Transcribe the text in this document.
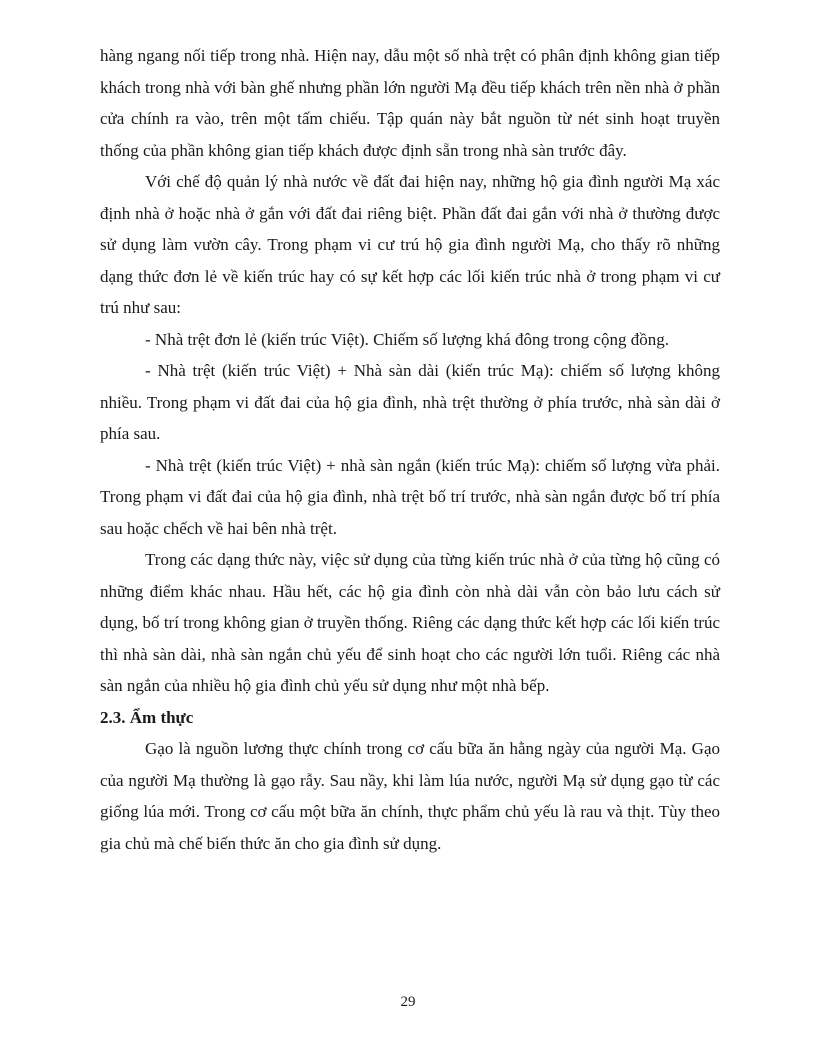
hàng ngang nối tiếp trong nhà. Hiện nay, dẫu một số nhà trệt có phân định không gian tiếp khách trong nhà với bàn ghế nhưng phần lớn người Mạ đều tiếp khách trên nền nhà ở phần cửa chính ra vào, trên một tấm chiếu. Tập quán này bắt nguồn từ nét sinh hoạt truyền thống của phần không gian tiếp khách được định sẵn trong nhà sàn trước đây.

Với chế độ quản lý nhà nước về đất đai hiện nay, những hộ gia đình người Mạ xác định nhà ở hoặc nhà ở gắn với đất đai riêng biệt. Phần đất đai gắn với nhà ở thường được sử dụng làm vườn cây. Trong phạm vi cư trú hộ gia đình người Mạ, cho thấy rõ những dạng thức đơn lẻ về kiến trúc hay có sự kết hợp các lối kiến trúc nhà ở trong phạm vi cư trú như sau:

- Nhà trệt đơn lẻ (kiến trúc Việt). Chiếm số lượng khá đông trong cộng đồng.

- Nhà trệt (kiến trúc Việt) + Nhà sàn dài (kiến trúc Mạ): chiếm số lượng không nhiều. Trong phạm vi đất đai của hộ gia đình, nhà trệt thường ở phía trước, nhà sàn dài ở phía sau.

- Nhà trệt (kiến trúc Việt) + nhà sàn ngắn (kiến trúc Mạ): chiếm số lượng vừa phải. Trong phạm vi đất đai của hộ gia đình, nhà trệt bố trí trước, nhà sàn ngắn được bố trí phía sau hoặc chếch về hai bên nhà trệt.

Trong các dạng thức này, việc sử dụng của từng kiến trúc nhà ở của từng hộ cũng có những điểm khác nhau. Hầu hết, các hộ gia đình còn nhà dài vẫn còn bảo lưu cách sử dụng, bố trí trong không gian ở truyền thống. Riêng các dạng thức kết hợp các lối kiến trúc thì nhà sàn dài, nhà sàn ngắn chủ yếu để sinh hoạt cho các người lớn tuổi. Riêng các nhà sàn ngắn của nhiều hộ gia đình chủ yếu sử dụng như một nhà bếp.

2.3. Ẩm thực

Gạo là nguồn lương thực chính trong cơ cấu bữa ăn hằng ngày của người Mạ. Gạo của người Mạ thường là gạo rẫy. Sau nầy, khi làm lúa nước, người Mạ sử dụng gạo từ các giống lúa mới. Trong cơ cấu một bữa ăn chính, thực phẩm chủ yếu là rau và thịt. Tùy theo gia chủ mà chế biến thức ăn cho gia đình sử dụng.

29
